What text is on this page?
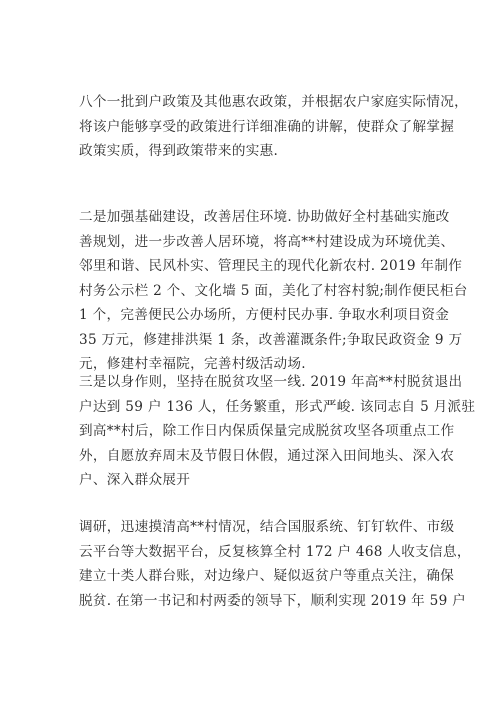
八个一批到户政策及其他惠农政策，并根据农户家庭实际情况，
将该户能够享受的政策进行详细准确的讲解，使群众了解掌握
政策实质，得到政策带来的实惠.
二是加强基础建设，改善居住环境. 协助做好全村基础实施改
善规划，进一步改善人居环境，将高**村建设成为环境优美、
邻里和谐、民风朴实、管理民主的现代化新农村. 2019 年制作
村务公示栏 2 个、文化墙 5 面，美化了村容村貌;制作便民柜台
1 个，完善便民公办场所，方便村民办事. 争取水利项目资金
35 万元，修建排洪渠 1 条，改善灌溉条件;争取民政资金 9 万
元，修建村幸福院，完善村级活动场.
三是以身作则，坚持在脱贫攻坚一线. 2019 年高**村脱贫退出
户达到 59 户 136 人，任务繁重，形式严峻. 该同志自 5 月派驻
到高**村后，除工作日内保质保量完成脱贫攻坚各项重点工作
外，自愿放弃周末及节假日休假，通过深入田间地头、深入农
户、深入群众展开
调研，迅速摸清高**村情况，结合国服系统、钉钉软件、市级
云平台等大数据平台，反复核算全村 172 户 468 人收支信息，
建立十类人群台账，对边缘户、疑似返贫户等重点关注，确保
脱贫. 在第一书记和村两委的领导下，顺利实现 2019 年 59 户
